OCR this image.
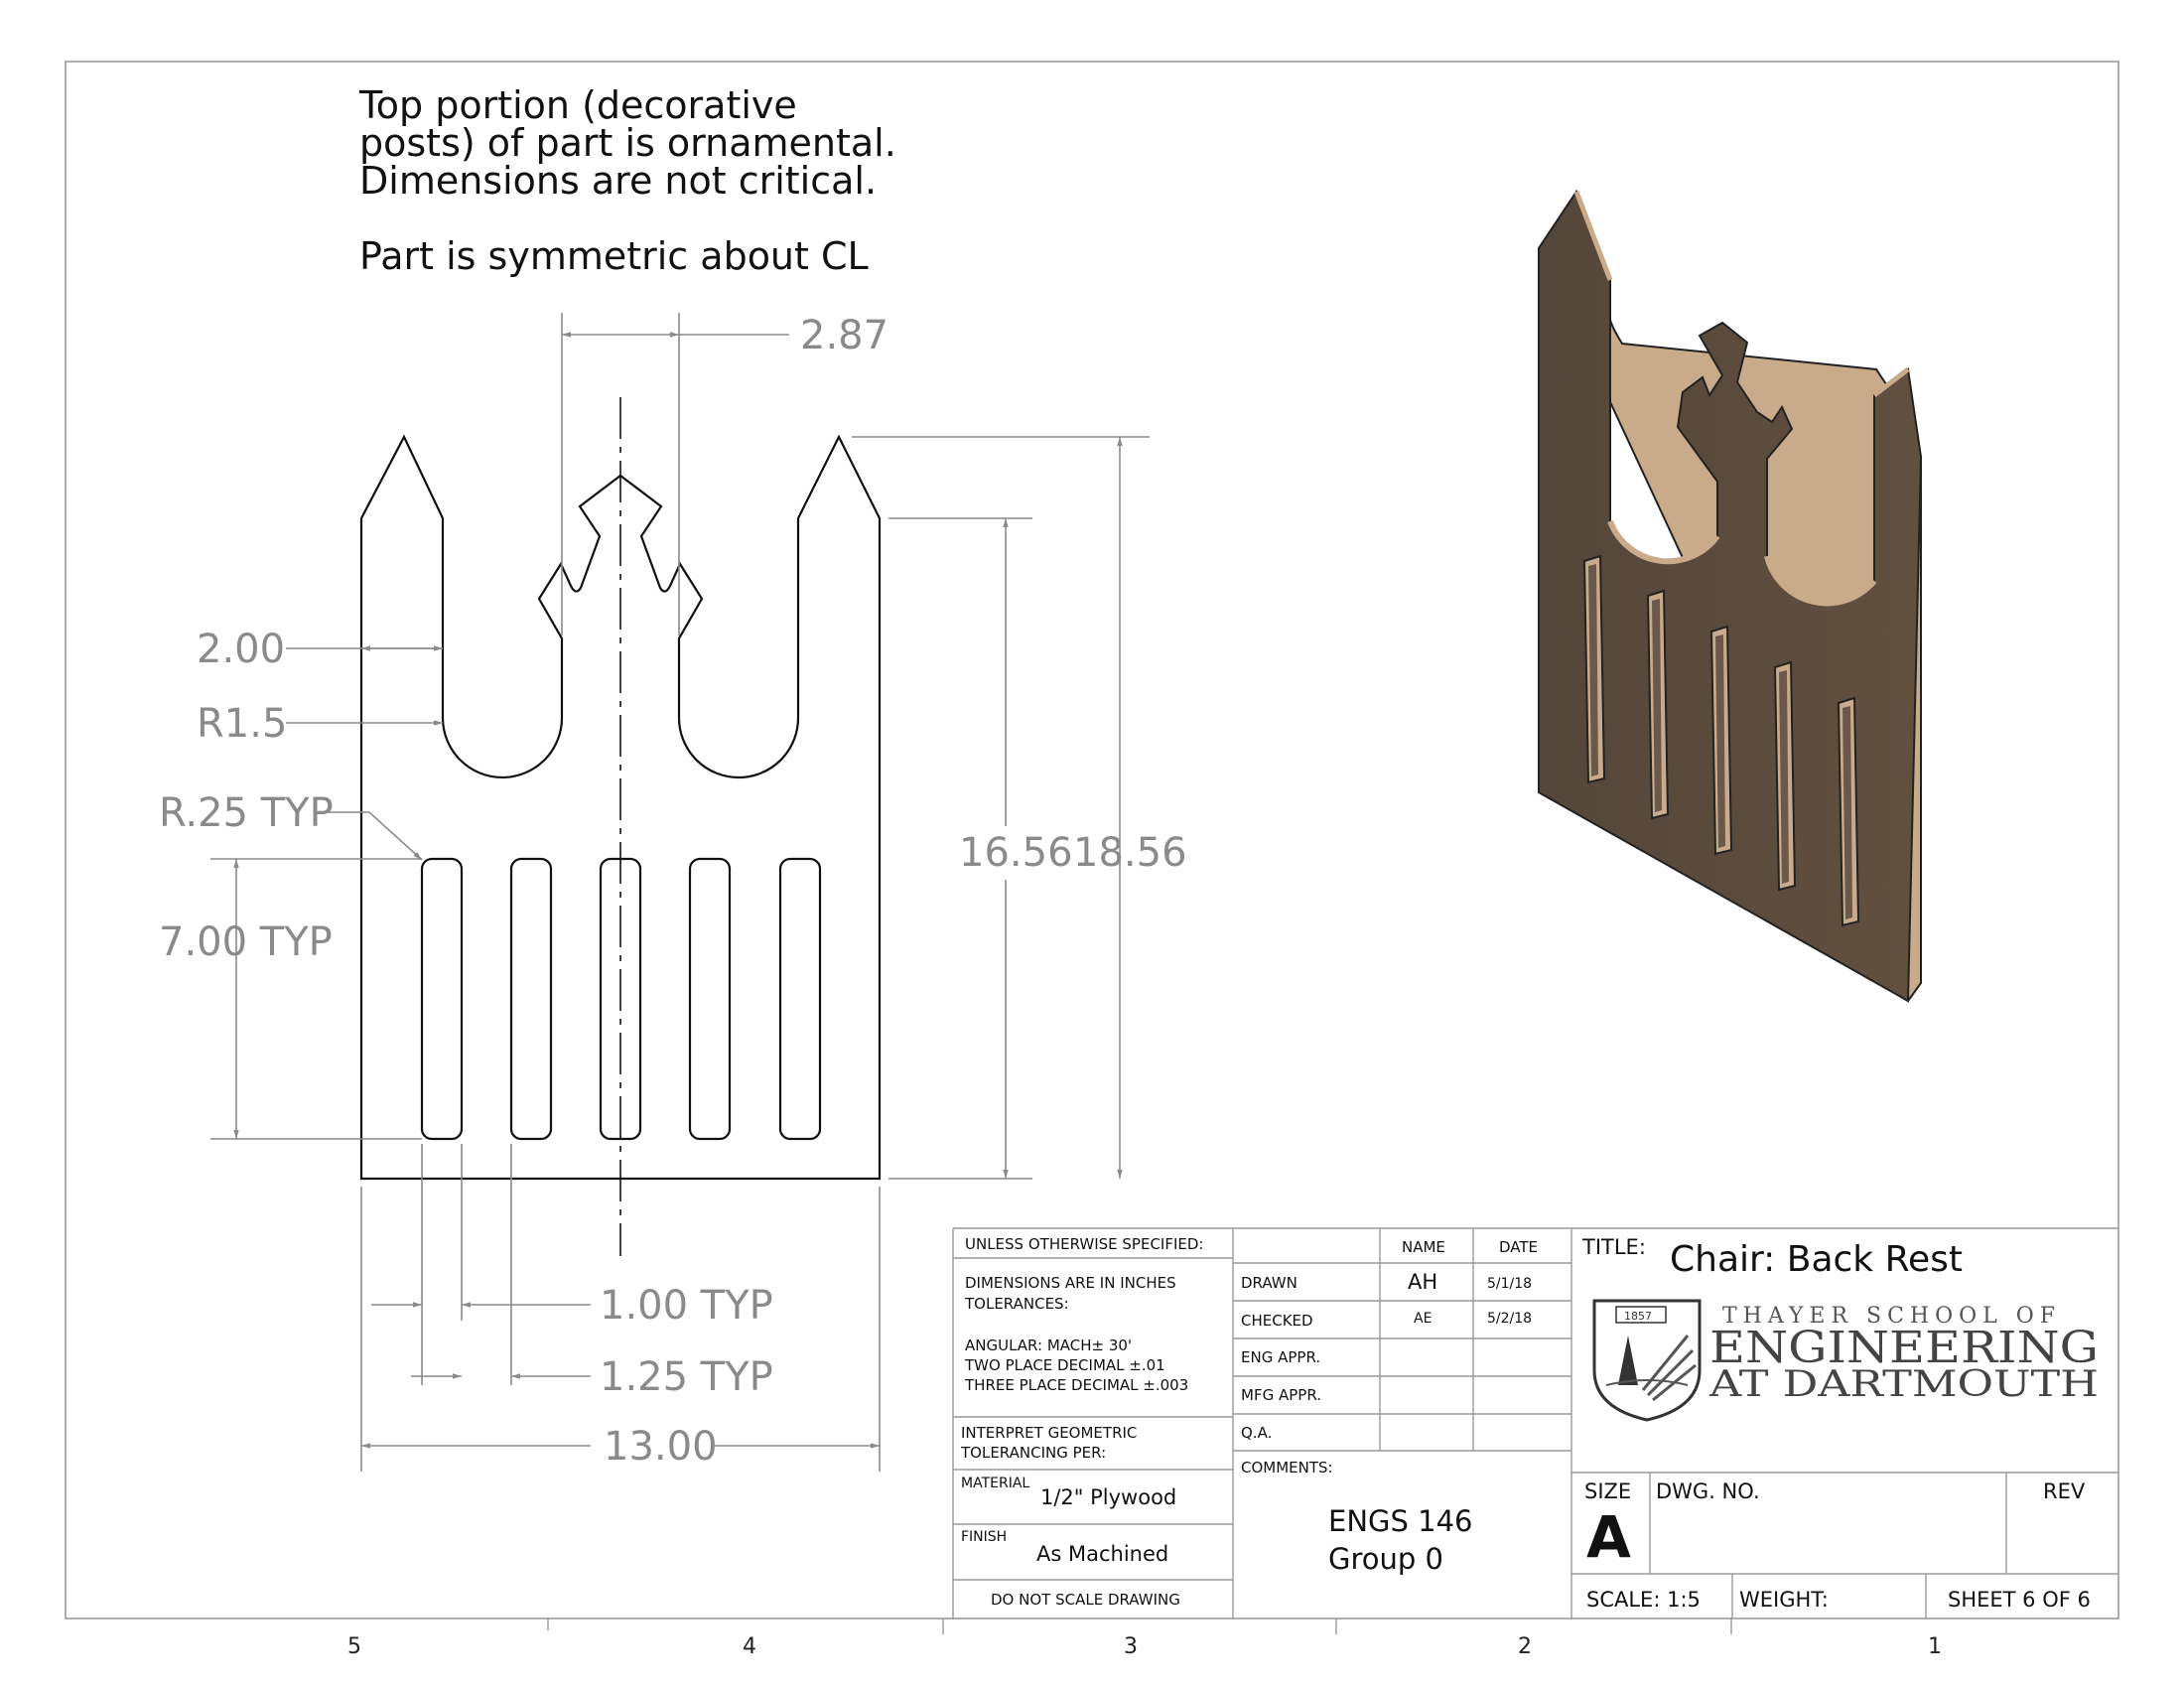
Top portion (decorative
posts) of part is ornamental.
Dimensions are not critical.
Part is symmetric about CL
2.87
2.00
R1.5
R.25 TYP
7.00 TYP
16.56 18.56
1.00 TYP
1.25 TYP
13.00
UNLESS OTHERWISE SPECIFIED:
DIMENSIONS ARE IN INCHES
TOLERANCES:
ANGULAR: MACH± 30'
TWO PLACE DECIMAL ±.01
THREE PLACE DECIMAL ±.003
INTERPRET GEOMETRIC
TOLERANCING PER:
MATERIAL
1/2" Plywood
FINISH
As Machined
DO NOT SCALE DRAWING
NAME	DATE
DRAWN	AH	5/1/18
CHECKED	AE	5/2/18
ENG APPR.
MFG APPR.
Q.A.
COMMENTS:
ENGS 146
Group 0
TITLE: Chair: Back Rest
1857	THAYER SCHOOL OF
ENGINEERING
AT DARTMOUTH
SIZE
A
DWG. NO.	REV
SCALE: 1:5 WEIGHT:	SHEET 6 OF 6
5	4	3	2	1
